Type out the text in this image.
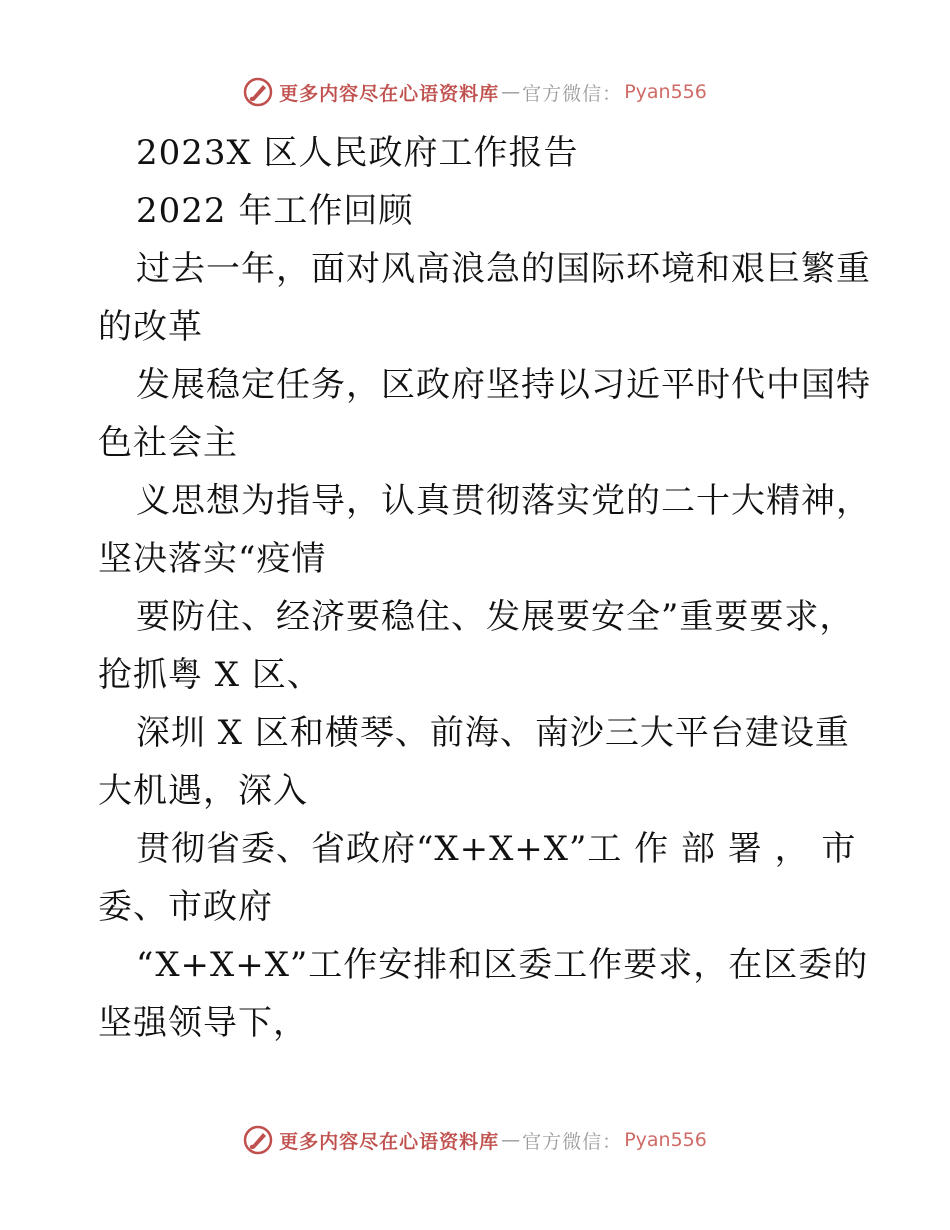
更多内容尽在心语资料库 — 官方微信： Pyan556
2023X 区人民政府工作报告
2022 年工作回顾
过去一年，面对风高浪急的国际环境和艰巨繁重
的改革
发展稳定任务，区政府坚持以习近平时代中国特
色社会主
义思想为指导，认真贯彻落实党的二十大精神，
坚决落实“疫情
要防住、经济要稳住、发展要安全”重要要求，
抢抓粤 X 区、
深圳 X 区和横琴、前海、南沙三大平台建设重
大机遇，深入
贯彻省委、省政府“X+X+X”工 作 部 署 ， 市
委、市政府
“X+X+X”工作安排和区委工作要求，在区委的
坚强领导下，
更多内容尽在心语资料库 — 官方微信： Pyan556
